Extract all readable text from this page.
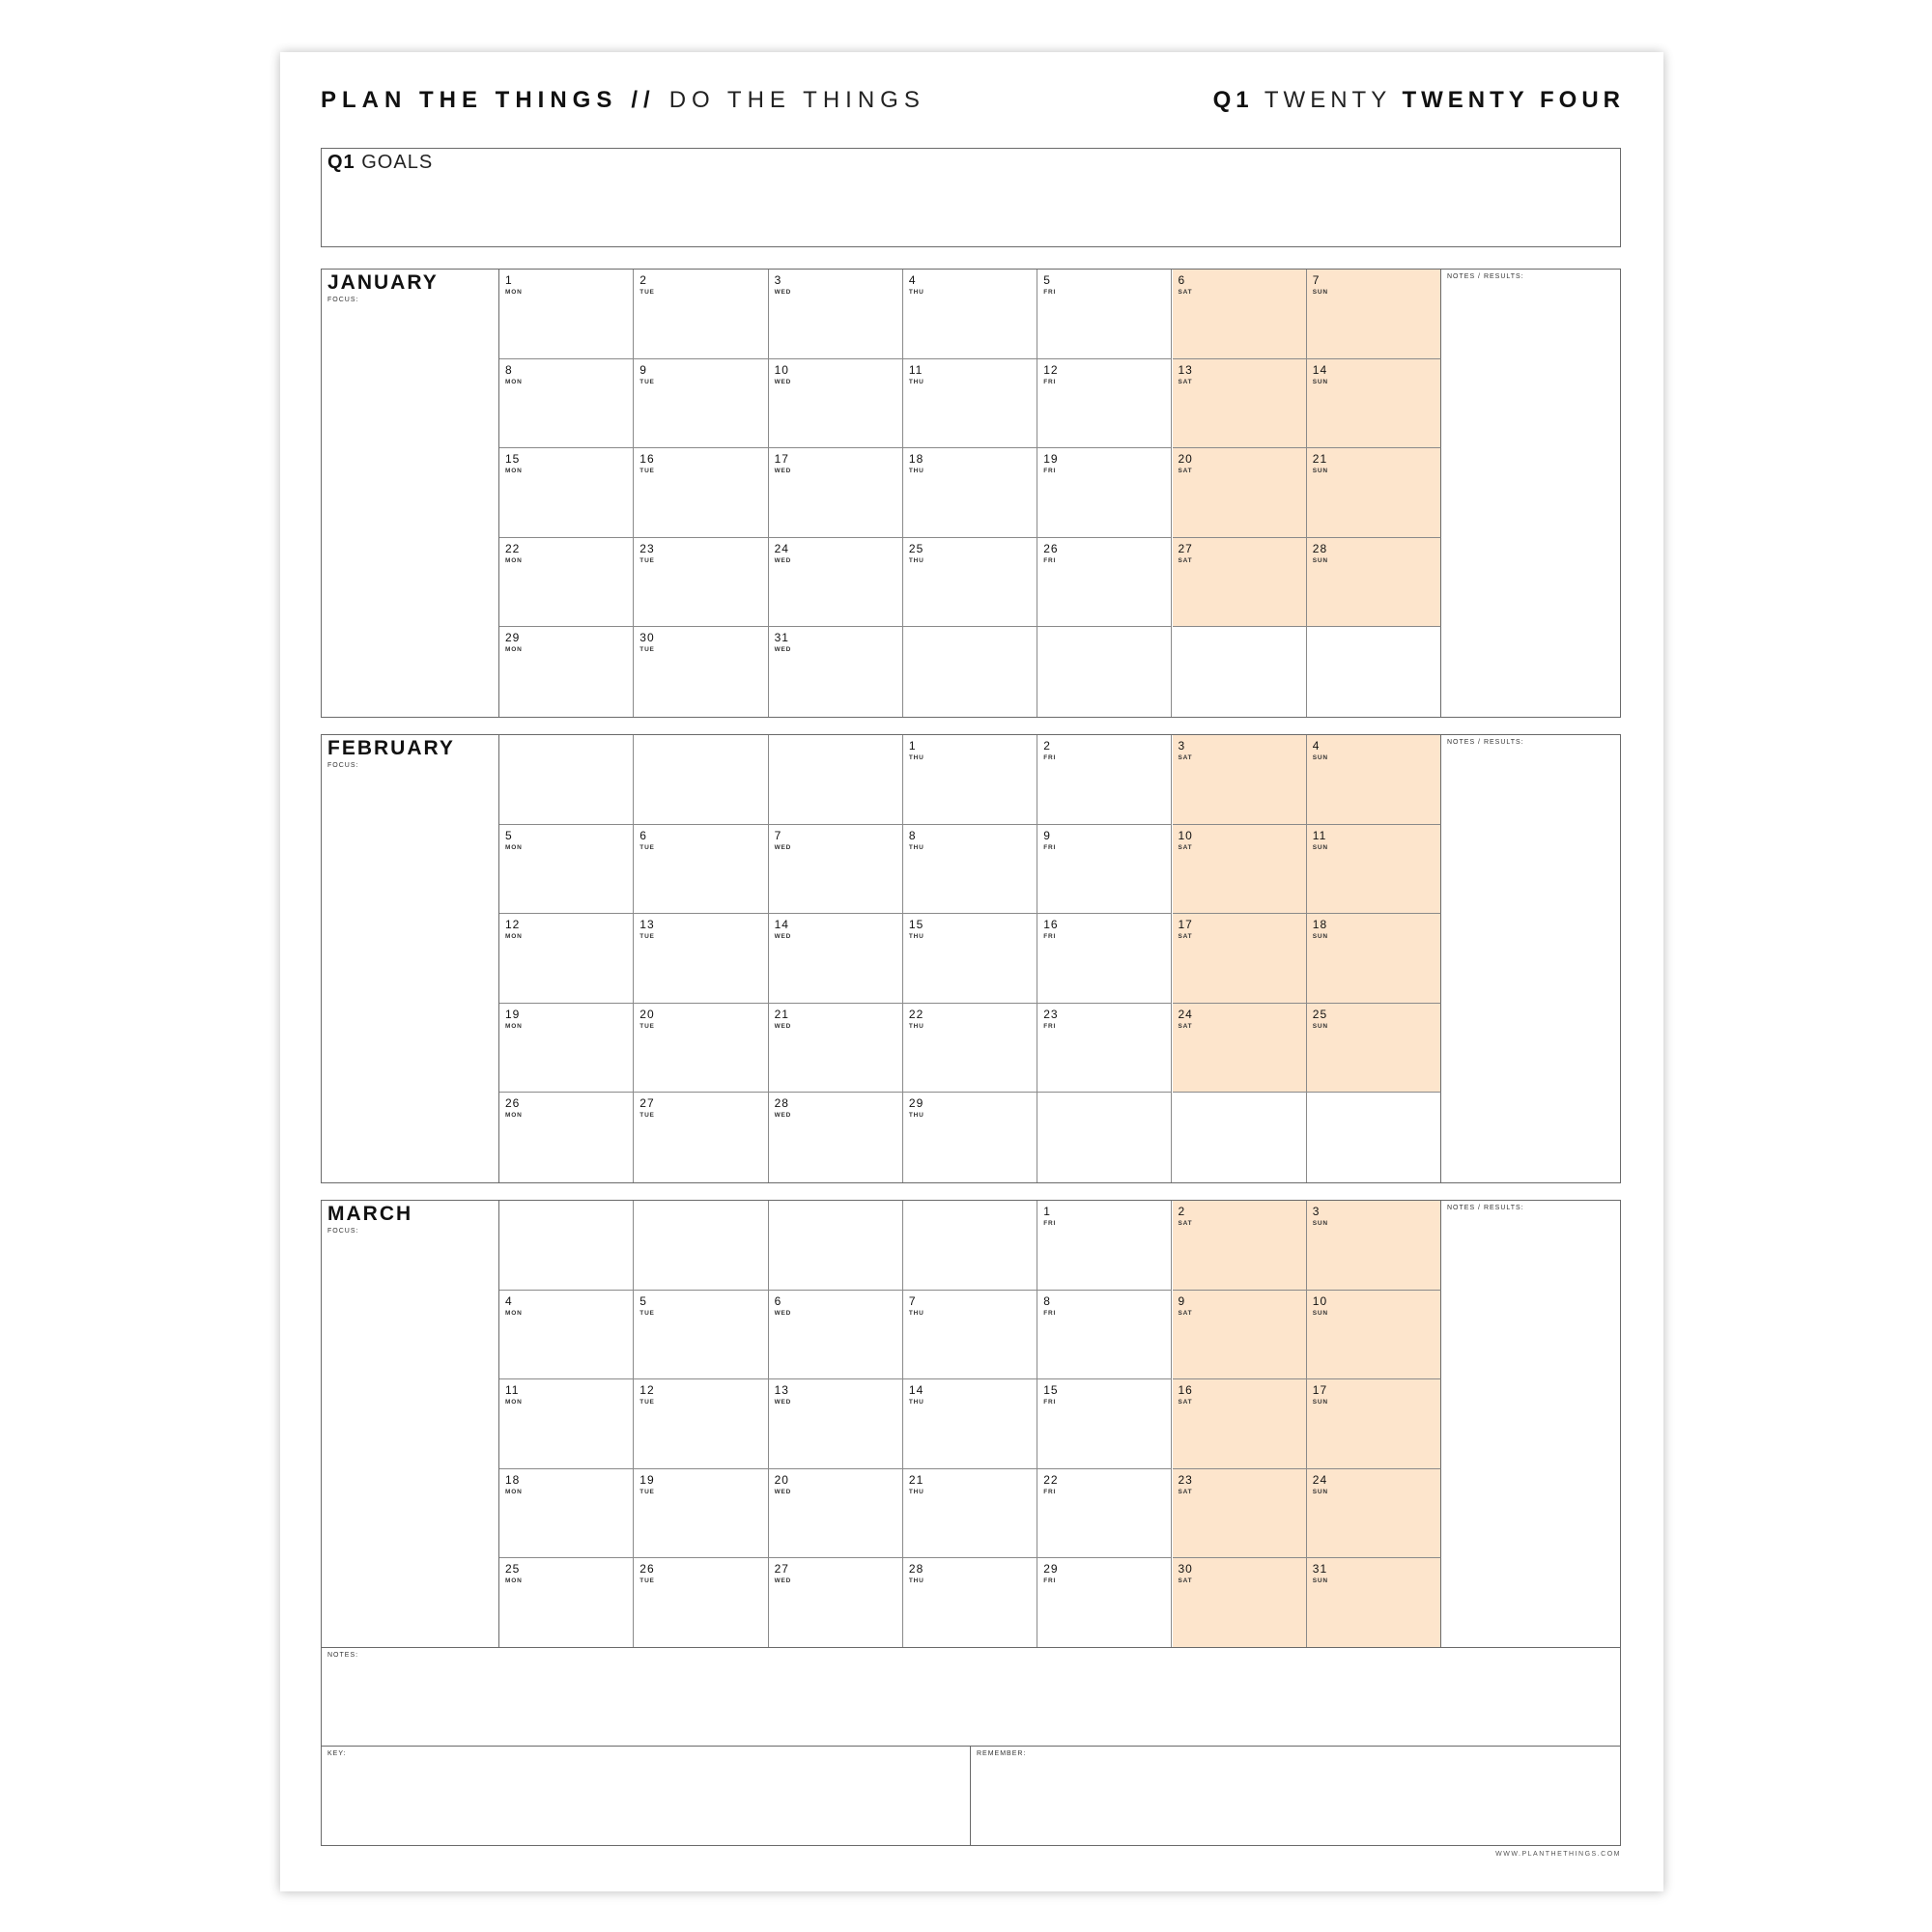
PLAN THE THINGS // DO THE THINGS	Q1 TWENTY TWENTY FOUR
Q1 GOALS
JANUARY
FOCUS:
1
MON
2
TUE
3
WED
4
THU
5
FRI
6
SAT
7
SUN
8
MON
9
TUE
10
WED
11
THU
12
FRI
13
SAT
14
SUN
15
MON
16
TUE
17
WED
18
THU
19
FRI
20
SAT
21
SUN
22
MON
23
TUE
24
WED
25
THU
26
FRI
27
SAT
28
SUN
29
MON
30
TUE
31
WED
NOTES / RESULTS:
FEBRUARY
FOCUS:
1
THU
2
FRI
3
SAT
4
SUN
5
MON
6
TUE
7
WED
8
THU
9
FRI
10
SAT
11
SUN
12
MON
13
TUE
14
WED
15
THU
16
FRI
17
SAT
18
SUN
19
MON
20
TUE
21
WED
22
THU
23
FRI
24
SAT
25
SUN
26
MON
27
TUE
28
WED
29
THU
NOTES / RESULTS:
MARCH
FOCUS:
1
FRI
2
SAT
3
SUN
4
MON
5
TUE
6
WED
7
THU
8
FRI
9
SAT
10
SUN
11
MON
12
TUE
13
WED
14
THU
15
FRI
16
SAT
17
SUN
18
MON
19
TUE
20
WED
21
THU
22
FRI
23
SAT
24
SUN
25
MON
26
TUE
27
WED
28
THU
29
FRI
30
SAT
31
SUN
NOTES / RESULTS:
NOTES:
KEY:	REMEMBER:
WWW.PLANTHETHINGS.COM
